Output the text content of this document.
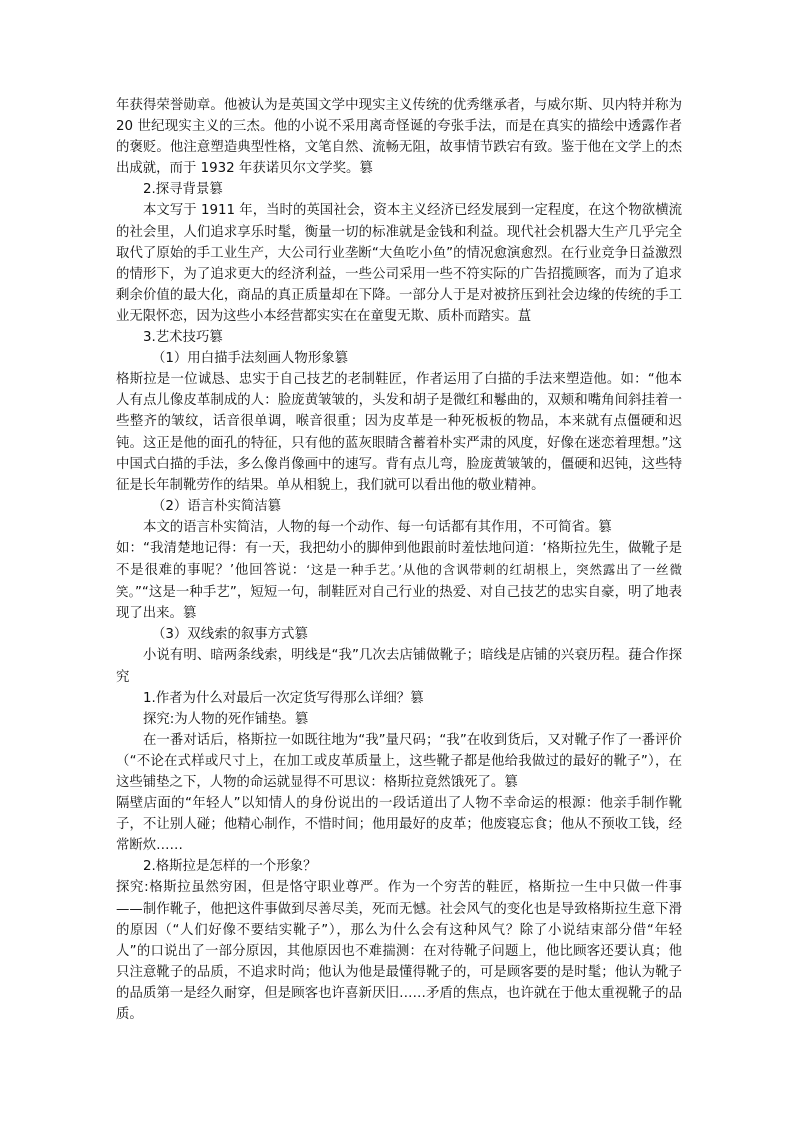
年获得荣誉勋章。他被认为是英国文学中现实主义传统的优秀继承者，与威尔斯、贝内特并称为 20 世纪现实主义的三杰。他的小说不采用离奇怪诞的夸张手法，而是在真实的描绘中透露作者的褒贬。他注意塑造典型性格，文笔自然、流畅无阻，故事情节跌宕有致。鉴于他在文学上的杰出成就，而于 1932 年获诺贝尔文学奖。篡

2.探寻背景篡

本文写于 1911 年，当时的英国社会，资本主义经济已经发展到一定程度，在这个物欲横流的社会里，人们追求享乐时髦，衡量一切的标准就是金钱和利益。现代社会机器大生产几乎完全取代了原始的手工业生产，大公司行业垄断“大鱼吃小鱼”的情况愈演愈烈。在行业竞争日益激烈的情形下，为了追求更大的经济利益，一些公司采用一些不符实际的广告招揽顾客，而为了追求剩余价值的最大化，商品的真正质量却在下降。一部分人于是对被挤压到社会边缘的传统的手工业无限怀恋，因为这些小本经营都实实在在童叟无欺、质朴而踏实。蒀

3.艺术技巧篡

（1）用白描手法刻画人物形象篡

格斯拉是一位诚恳、忠实于自己技艺的老制鞋匠，作者运用了白描的手法来塑造他。如：“他本人有点儿像皮革制成的人：脸庞黄皱皱的，头发和胡子是微红和鬈曲的，双颊和嘴角间斜挂着一些整齐的皱纹，话音很单调，喉音很重；因为皮革是一种死板板的物品，本来就有点僵硬和迟钝。这正是他的面孔的特征，只有他的蓝灰眼睛含蓄着朴实严肃的风度，好像在迷恋着理想。”这中国式白描的手法，多么像肖像画中的速写。背有点儿弯，脸庞黄皱皱的，僵硬和迟钝，这些特征是长年制靴劳作的结果。单从相貌上，我们就可以看出他的敬业精神。

（2）语言朴实简洁篡

本文的语言朴实简洁，人物的每一个动作、每一句话都有其作用，不可简省。篡

如：“我清楚地记得：有一天，我把幼小的脚伸到他跟前时羞怯地问道：‘格斯拉先生，做靴子是不是很难的事呢？’他回答说：‘这是一种手艺。’从他的含讽带刺的红胡根上，突然露出了一丝微笑。”“这是一种手艺”，短短一句，制鞋匠对自己行业的热爱、对自己技艺的忠实自豪，明了地表现了出来。篡

（3）双线索的叙事方式篡

小说有明、暗两条线索，明线是“我”几次去店铺做靴子；暗线是店铺的兴衰历程。蓵合作探究

1.作者为什么对最后一次定货写得那么详细？篡

探究:为人物的死作铺垫。篡

在一番对话后，格斯拉一如既往地为“我”量尺码；“我”在收到货后，又对靴子作了一番评价（“不论在式样或尺寸上，在加工或皮革质量上，这些靴子都是他给我做过的最好的靴子”），在这些铺垫之下，人物的命运就显得不可思议：格斯拉竟然饿死了。篡

隔壁店面的“年轻人”以知情人的身份说出的一段话道出了人物不幸命运的根源：他亲手制作靴子，不让别人碰；他精心制作，不惜时间；他用最好的皮革；他废寝忘食；他从不预收工钱，经常断炊……

2.格斯拉是怎样的一个形象？

探究:格斯拉虽然穷困，但是恪守职业尊严。作为一个穷苦的鞋匠，格斯拉一生中只做一件事——制作靴子，他把这件事做到尽善尽美，死而无憾。社会风气的变化也是导致格斯拉生意下滑的原因（“人们好像不要结实靴子”），那么为什么会有这种风气？除了小说结束部分借“年轻人”的口说出了一部分原因，其他原因也不难揣测：在对待靴子问题上，他比顾客还要认真；他只注意靴子的品质，不追求时尚；他认为他是最懂得靴子的，可是顾客要的是时髦；他认为靴子的品质第一是经久耐穿，但是顾客也许喜新厌旧……矛盾的焦点，也许就在于他太重视靴子的品质。
